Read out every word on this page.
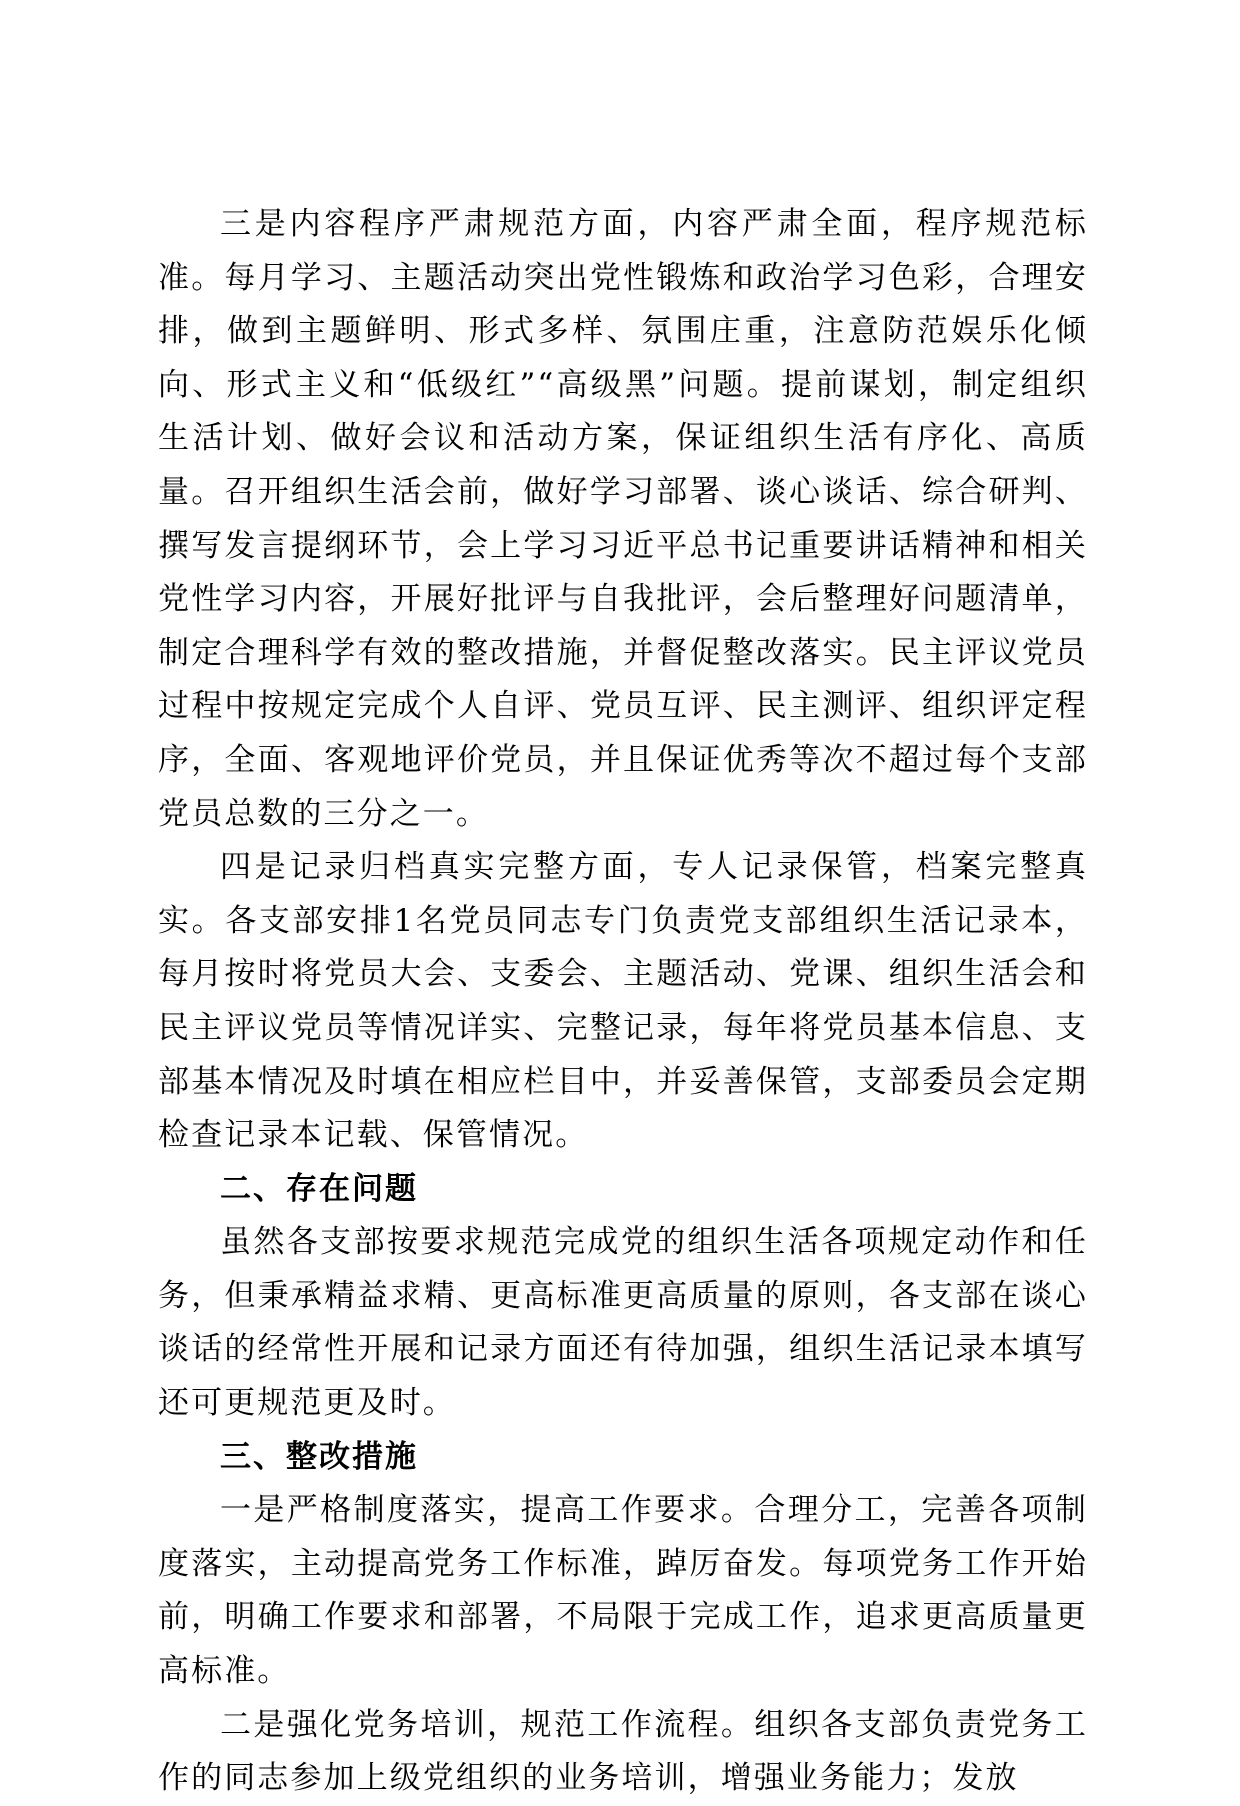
三是内容程序严肃规范方面，内容严肃全面，程序规范标准。每月学习、主题活动突出党性锻炼和政治学习色彩，合理安排，做到主题鲜明、形式多样、氛围庄重，注意防范娱乐化倾向、形式主义和“低级红”“高级黑”问题。提前谋划，制定组织生活计划、做好会议和活动方案，保证组织生活有序化、高质量。召开组织生活会前，做好学习部署、谈心谈话、综合研判、撰写发言提纲环节，会上学习习近平总书记重要讲话精神和相关党性学习内容，开展好批评与自我批评，会后整理好问题清单，制定合理科学有效的整改措施，并督促整改落实。民主评议党员过程中按规定完成个人自评、党员互评、民主测评、组织评定程序，全面、客观地评价党员，并且保证优秀等次不超过每个支部党员总数的三分之一。

四是记录归档真实完整方面，专人记录保管，档案完整真实。各支部安排1名党员同志专门负责党支部组织生活记录本，每月按时将党员大会、支委会、主题活动、党课、组织生活会和民主评议党员等情况详实、完整记录，每年将党员基本信息、支部基本情况及时填在相应栏目中，并妥善保管，支部委员会定期检查记录本记载、保管情况。

二、存在问题

虽然各支部按要求规范完成党的组织生活各项规定动作和任务，但秉承精益求精、更高标准更高质量的原则，各支部在谈心谈话的经常性开展和记录方面还有待加强，组织生活记录本填写还可更规范更及时。

三、整改措施

一是严格制度落实，提高工作要求。合理分工，完善各项制度落实，主动提高党务工作标准，踔厉奋发。每项党务工作开始前，明确工作要求和部署，不局限于完成工作，追求更高质量更高标准。

二是强化党务培训，规范工作流程。组织各支部负责党务工作的同志参加上级党组织的业务培训，增强业务能力；发放
